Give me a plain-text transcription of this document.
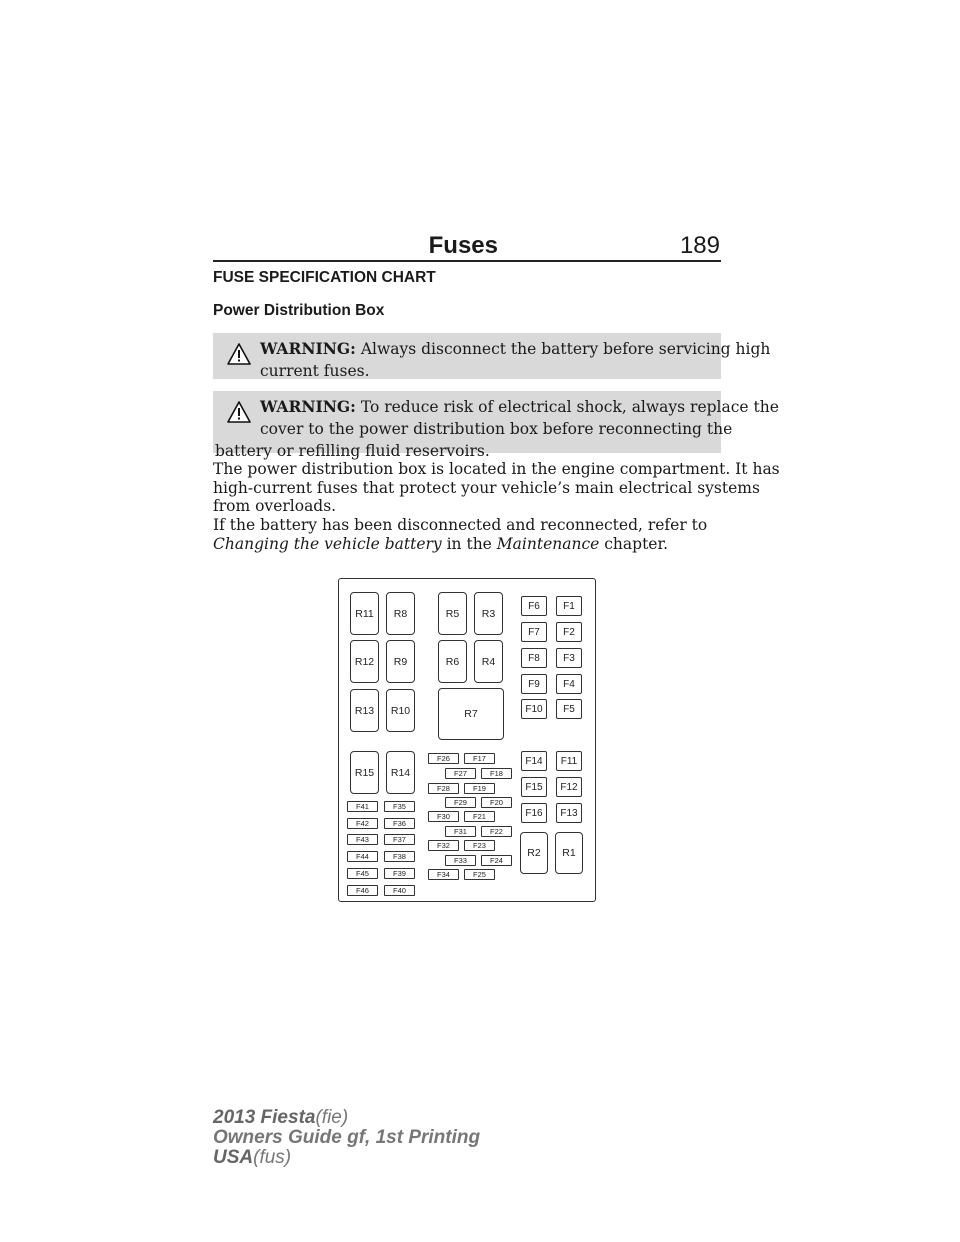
Fuses	189
FUSE SPECIFICATION CHART
Power Distribution Box
WARNING: Always disconnect the battery before servicing high
current fuses.
WARNING: To reduce risk of electrical shock, always replace the
cover to the power distribution box before reconnecting the
battery or refilling fluid reservoirs.
The power distribution box is located in the engine compartment. It has
high-current fuses that protect your vehicle’s main electrical systems
from overloads.
If the battery has been disconnected and reconnected, refer to
Changing the vehicle battery in the Maintenance chapter.
R11	R8
R12	R9
R13	R10
R15	R14
R5	R3
R6	R4
R7
R2	R1
F6
F7
F8
F9
F10
F14
F15
F16
F1
F2
F3
F4
F5
F11
F12
F13
F41
F42
F43
F44
F45
F46
F35
F36
F37
F38
F39
F40
F26	F17
F27	F18
F28	F19
F29	F20
F30	F21
F31	F22
F32	F23
F33	F24
F34	F25
2013 Fiesta(fie)
Owners Guide gf, 1st Printing
USA(fus)
